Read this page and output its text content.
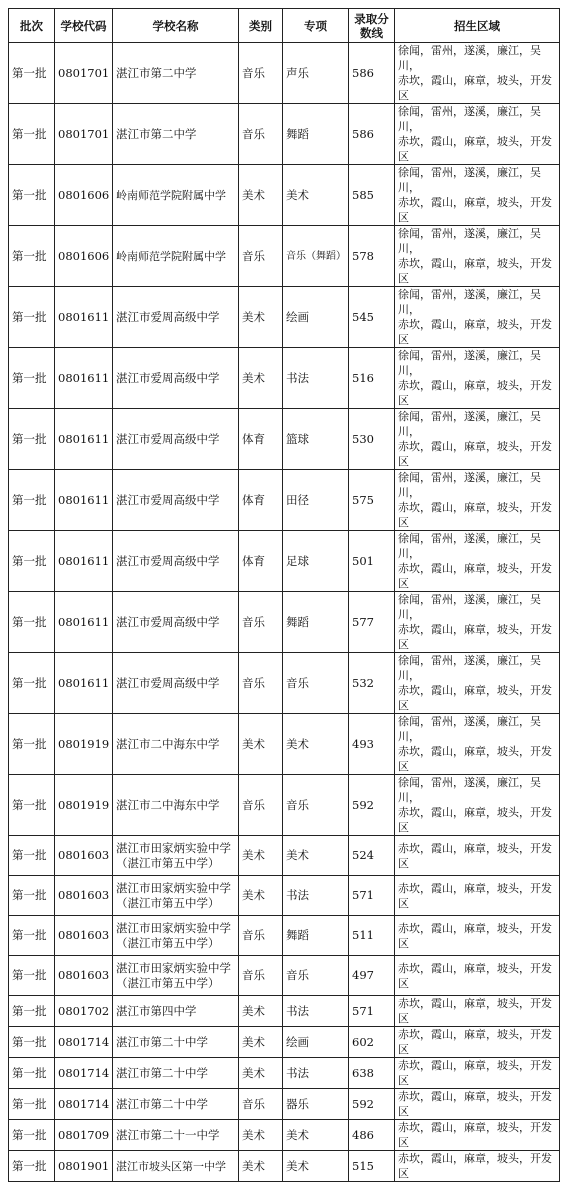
批次	学校代码	学校名称	类别	专项	录取分
数线	招生区域
第一批	0801701	湛江市第二中学	音乐	声乐	586	徐闻，雷州，遂溪，廉江，吴川，
赤坎，霞山，麻章，坡头，开发区
第一批	0801701	湛江市第二中学	音乐	舞蹈	586	徐闻，雷州，遂溪，廉江，吴川，
赤坎，霞山，麻章，坡头，开发区
第一批	0801606	岭南师范学院附属中学	美术	美术	585	徐闻，雷州，遂溪，廉江，吴川，
赤坎，霞山，麻章，坡头，开发区
第一批	0801606	岭南师范学院附属中学	音乐	音乐（舞蹈）	578	徐闻，雷州，遂溪，廉江，吴川，
赤坎，霞山，麻章，坡头，开发区
第一批	0801611	湛江市爱周高级中学	美术	绘画	545	徐闻，雷州，遂溪，廉江，吴川，
赤坎，霞山，麻章，坡头，开发区
第一批	0801611	湛江市爱周高级中学	美术	书法	516	徐闻，雷州，遂溪，廉江，吴川，
赤坎，霞山，麻章，坡头，开发区
第一批	0801611	湛江市爱周高级中学	体育	篮球	530	徐闻，雷州，遂溪，廉江，吴川，
赤坎，霞山，麻章，坡头，开发区
第一批	0801611	湛江市爱周高级中学	体育	田径	575	徐闻，雷州，遂溪，廉江，吴川，
赤坎，霞山，麻章，坡头，开发区
第一批	0801611	湛江市爱周高级中学	体育	足球	501	徐闻，雷州，遂溪，廉江，吴川，
赤坎，霞山，麻章，坡头，开发区
第一批	0801611	湛江市爱周高级中学	音乐	舞蹈	577	徐闻，雷州，遂溪，廉江，吴川，
赤坎，霞山，麻章，坡头，开发区
第一批	0801611	湛江市爱周高级中学	音乐	音乐	532	徐闻，雷州，遂溪，廉江，吴川，
赤坎，霞山，麻章，坡头，开发区
第一批	0801919	湛江市二中海东中学	美术	美术	493	徐闻，雷州，遂溪，廉江，吴川，
赤坎，霞山，麻章，坡头，开发区
第一批	0801919	湛江市二中海东中学	音乐	音乐	592	徐闻，雷州，遂溪，廉江，吴川，
赤坎，霞山，麻章，坡头，开发区
第一批	0801603	湛江市田家炳实验中学
（湛江市第五中学）	美术	美术	524	赤坎，霞山，麻章，坡头，开发区
第一批	0801603	湛江市田家炳实验中学
（湛江市第五中学）	美术	书法	571	赤坎，霞山，麻章，坡头，开发区
第一批	0801603	湛江市田家炳实验中学
（湛江市第五中学）	音乐	舞蹈	511	赤坎，霞山，麻章，坡头，开发区
第一批	0801603	湛江市田家炳实验中学
（湛江市第五中学）	音乐	音乐	497	赤坎，霞山，麻章，坡头，开发区
第一批	0801702	湛江市第四中学	美术	书法	571	赤坎，霞山，麻章，坡头，开发区
第一批	0801714	湛江市第二十中学	美术	绘画	602	赤坎，霞山，麻章，坡头，开发区
第一批	0801714	湛江市第二十中学	美术	书法	638	赤坎，霞山，麻章，坡头，开发区
第一批	0801714	湛江市第二十中学	音乐	器乐	592	赤坎，霞山，麻章，坡头，开发区
第一批	0801709	湛江市第二十一中学	美术	美术	486	赤坎，霞山，麻章，坡头，开发区
第一批	0801901	湛江市坡头区第一中学	美术	美术	515	赤坎，霞山，麻章，坡头，开发区
